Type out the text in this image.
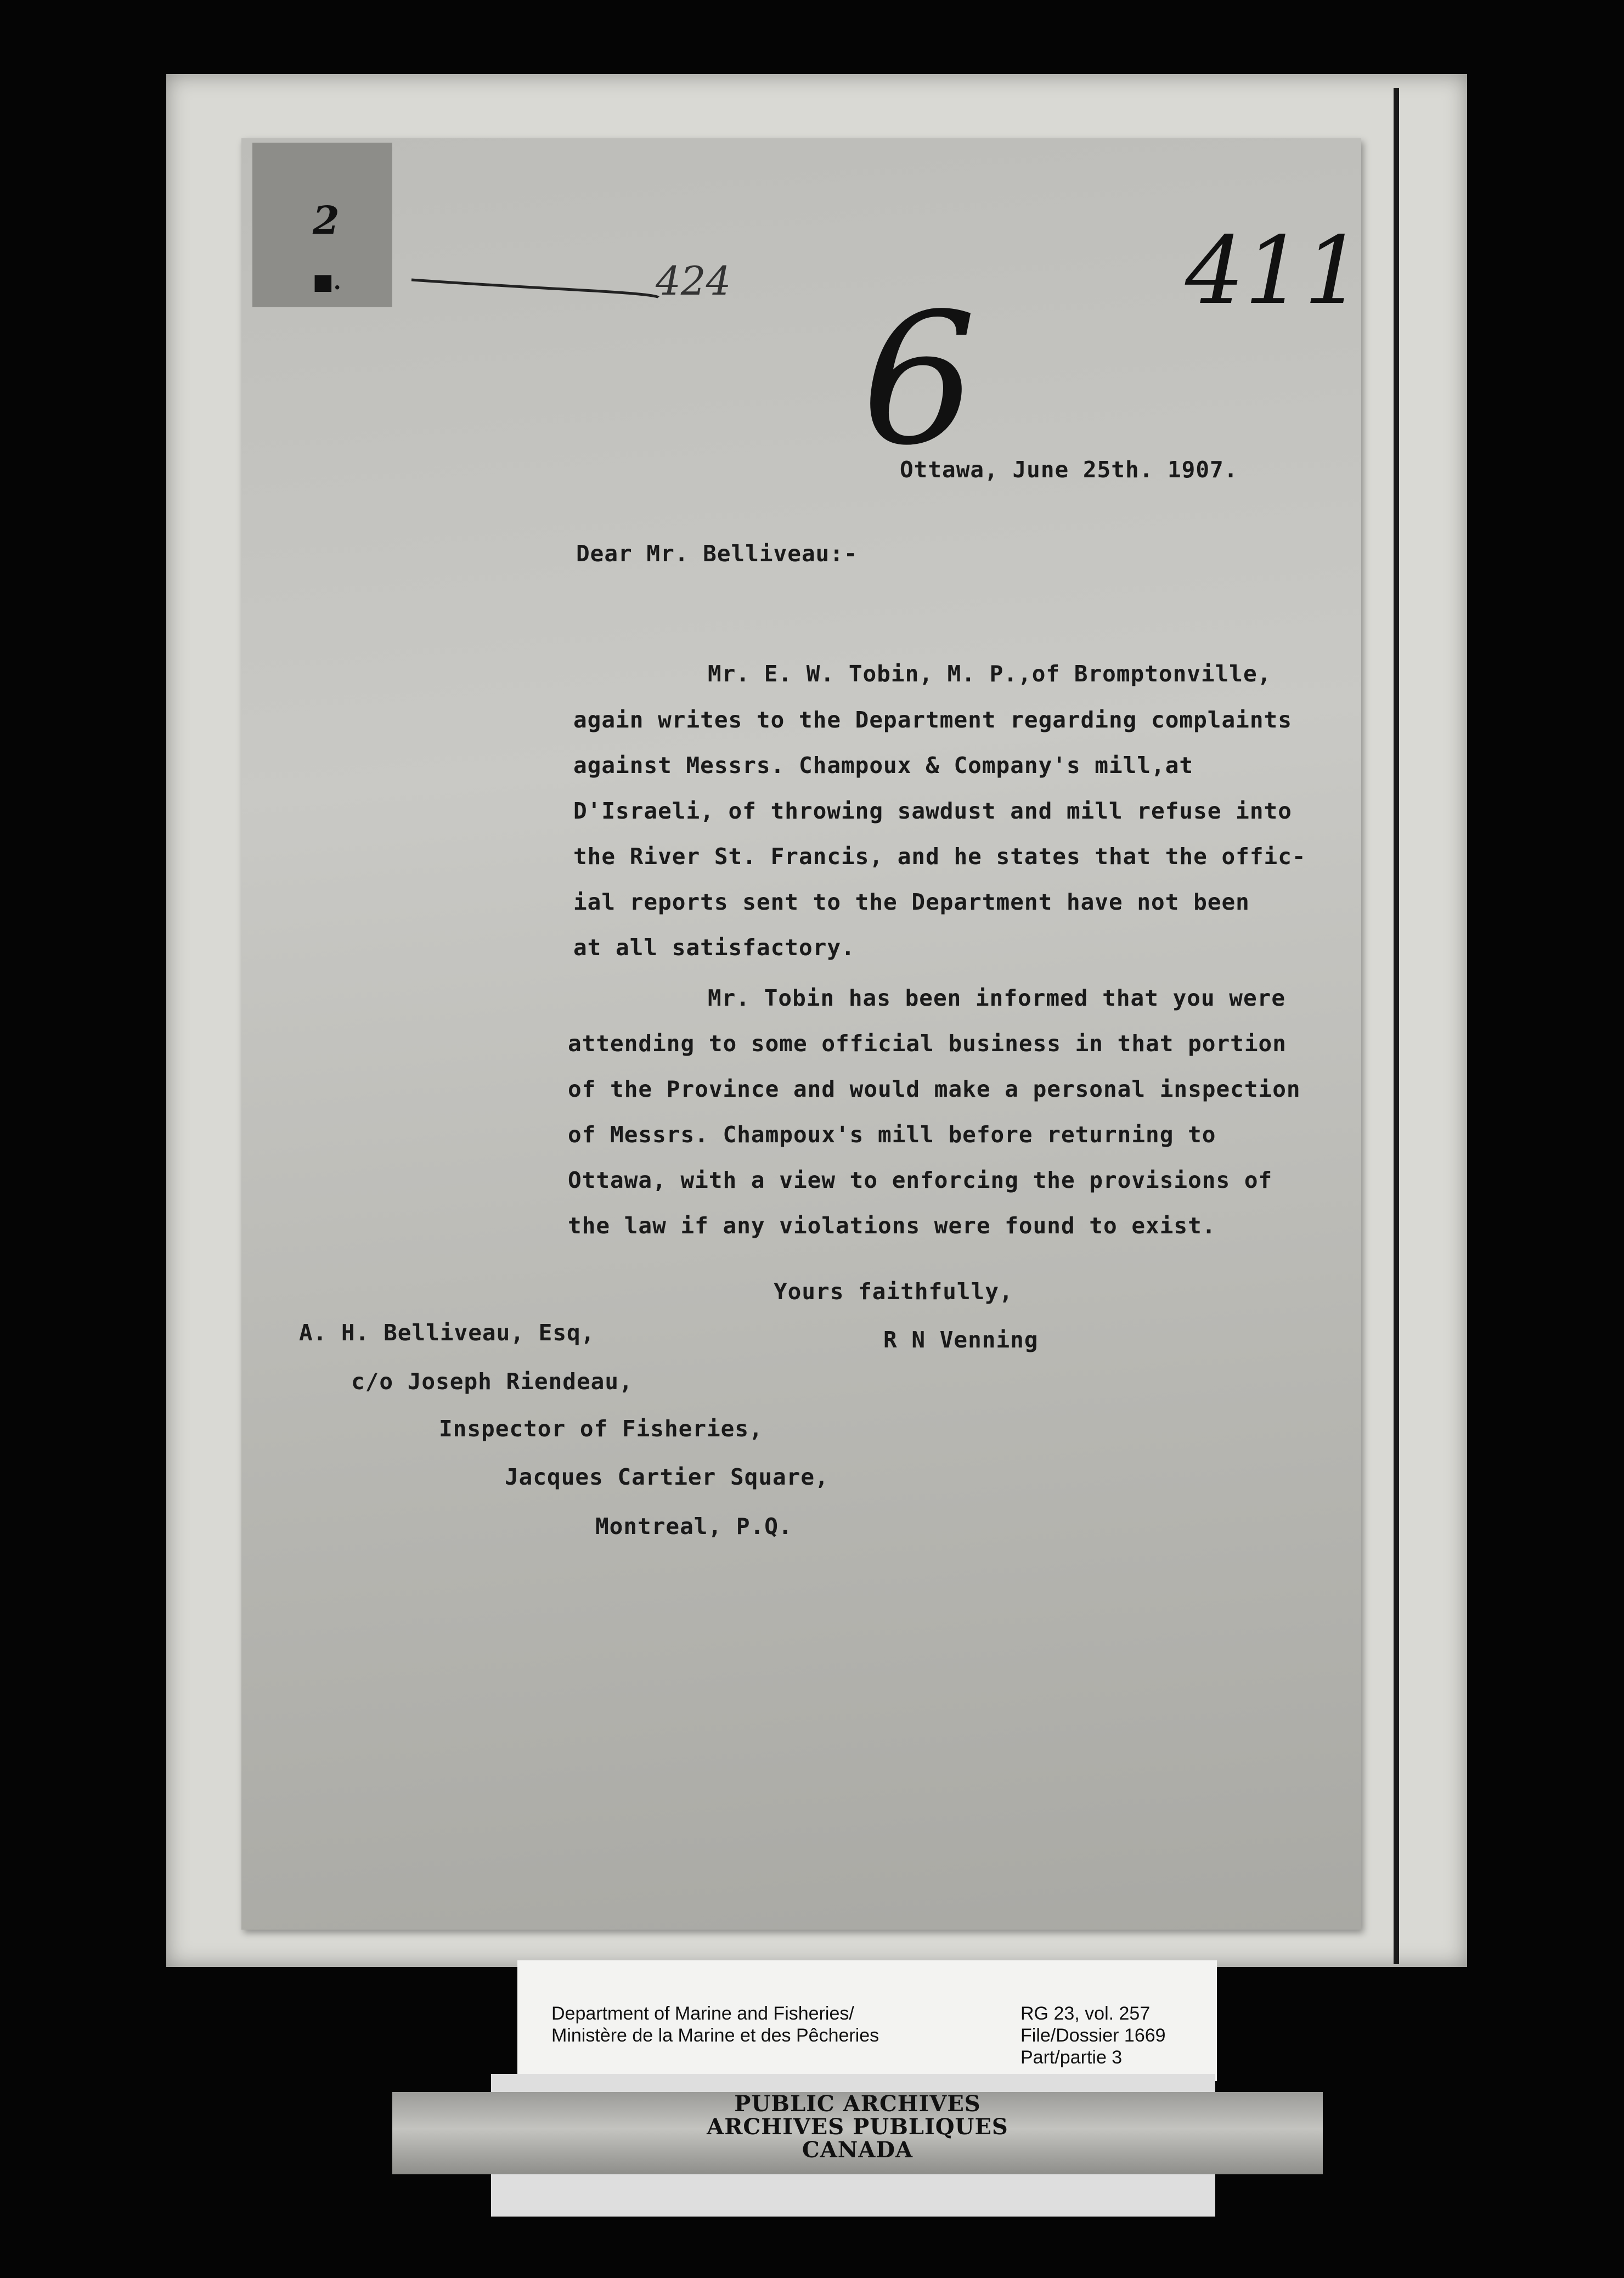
2
■.	424	411
6
Ottawa, June 25th. 1907.
Dear Mr. Belliveau:-
Mr. E. W. Tobin, M. P.,of Bromptonville,
again writes to the Department regarding complaints
against Messrs. Champoux & Company's mill,at
D'Israeli, of throwing sawdust and mill refuse into
the River St. Francis, and he states that the offic-
ial reports sent to the Department have not been
at all satisfactory.
Mr. Tobin has been informed that you were
attending to some official business in that portion
of the Province and would make a personal inspection
of Messrs. Champoux's mill before returning to
Ottawa, with a view to enforcing the provisions of
the law if any violations were found to exist.
Yours faithfully,
R N Venning
A. H. Belliveau, Esq,
c/o Joseph Riendeau,
Inspector of Fisheries,
Jacques Cartier Square,
Montreal, P.Q.
Department of Marine and Fisheries/
Ministère de la Marine et des Pêcheries
RG 23, vol. 257
File/Dossier 1669
Part/partie 3
PUBLIC ARCHIVES
ARCHIVES PUBLIQUES
CANADA
